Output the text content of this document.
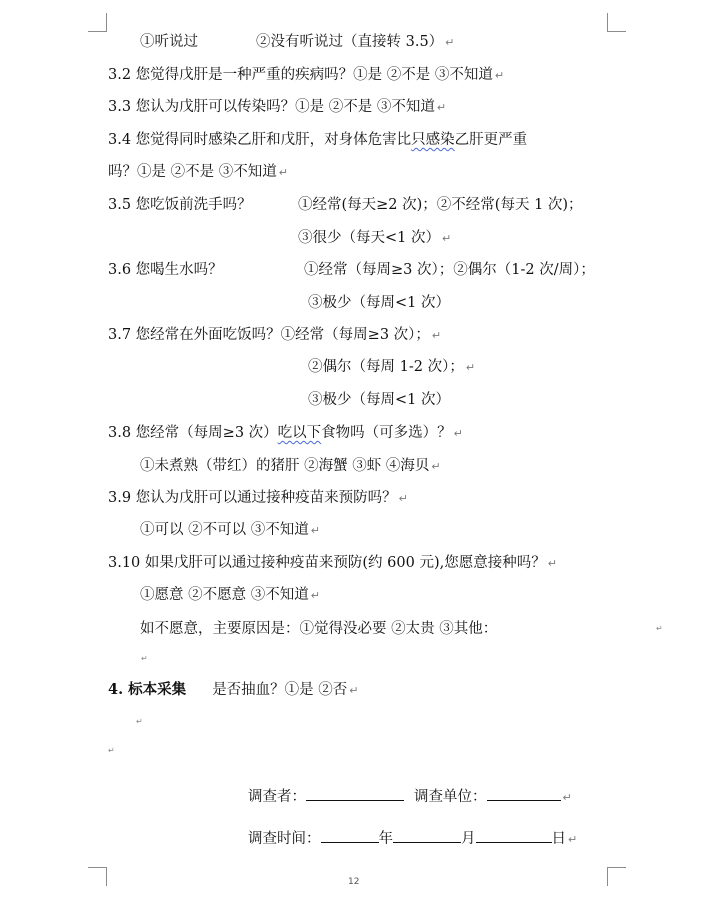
①听说过	②没有听说过（直接转 3.5） ↵
3.2 您觉得戊肝是一种严重的疾病吗？①是 ②不是 ③不知道 ↵
3.3 您认为戊肝可以传染吗？①是 ②不是 ③不知道 ↵
3.4 您觉得同时感染乙肝和戊肝，对身体危害比只感染乙肝更严重
吗？①是 ②不是 ③不知道 ↵
3.5 您吃饭前洗手吗？	①经常(每天≥2 次)；②不经常(每天 1 次)；
③很少（每天<1 次） ↵
3.6 您喝生水吗？	①经常（每周≥3 次）；②偶尔（1-2 次/周）；
③极少（每周<1 次）
3.7 您经常在外面吃饭吗？①经常（每周≥3 次）； ↵
②偶尔（每周 1-2 次）； ↵
③极少（每周<1 次）
3.8 您经常（每周≥3 次）吃以下食物吗（可多选）？ ↵
①未煮熟（带红）的猪肝 ②海蟹 ③虾 ④海贝 ↵
3.9 您认为戊肝可以通过接种疫苗来预防吗？ ↵
①可以 ②不可以 ③不知道 ↵
3.10 如果戊肝可以通过接种疫苗来预防(约 600 元),您愿意接种吗？ ↵
①愿意 ②不愿意 ③不知道 ↵
如不愿意，主要原因是：①觉得没必要 ②太贵 ③其他：	↵
↵
4. 标本采集 是否抽血？①是 ②否 ↵
↵
↵
调查者：	调查单位：	↵
调查时间：	年	月	日 ↵
12
